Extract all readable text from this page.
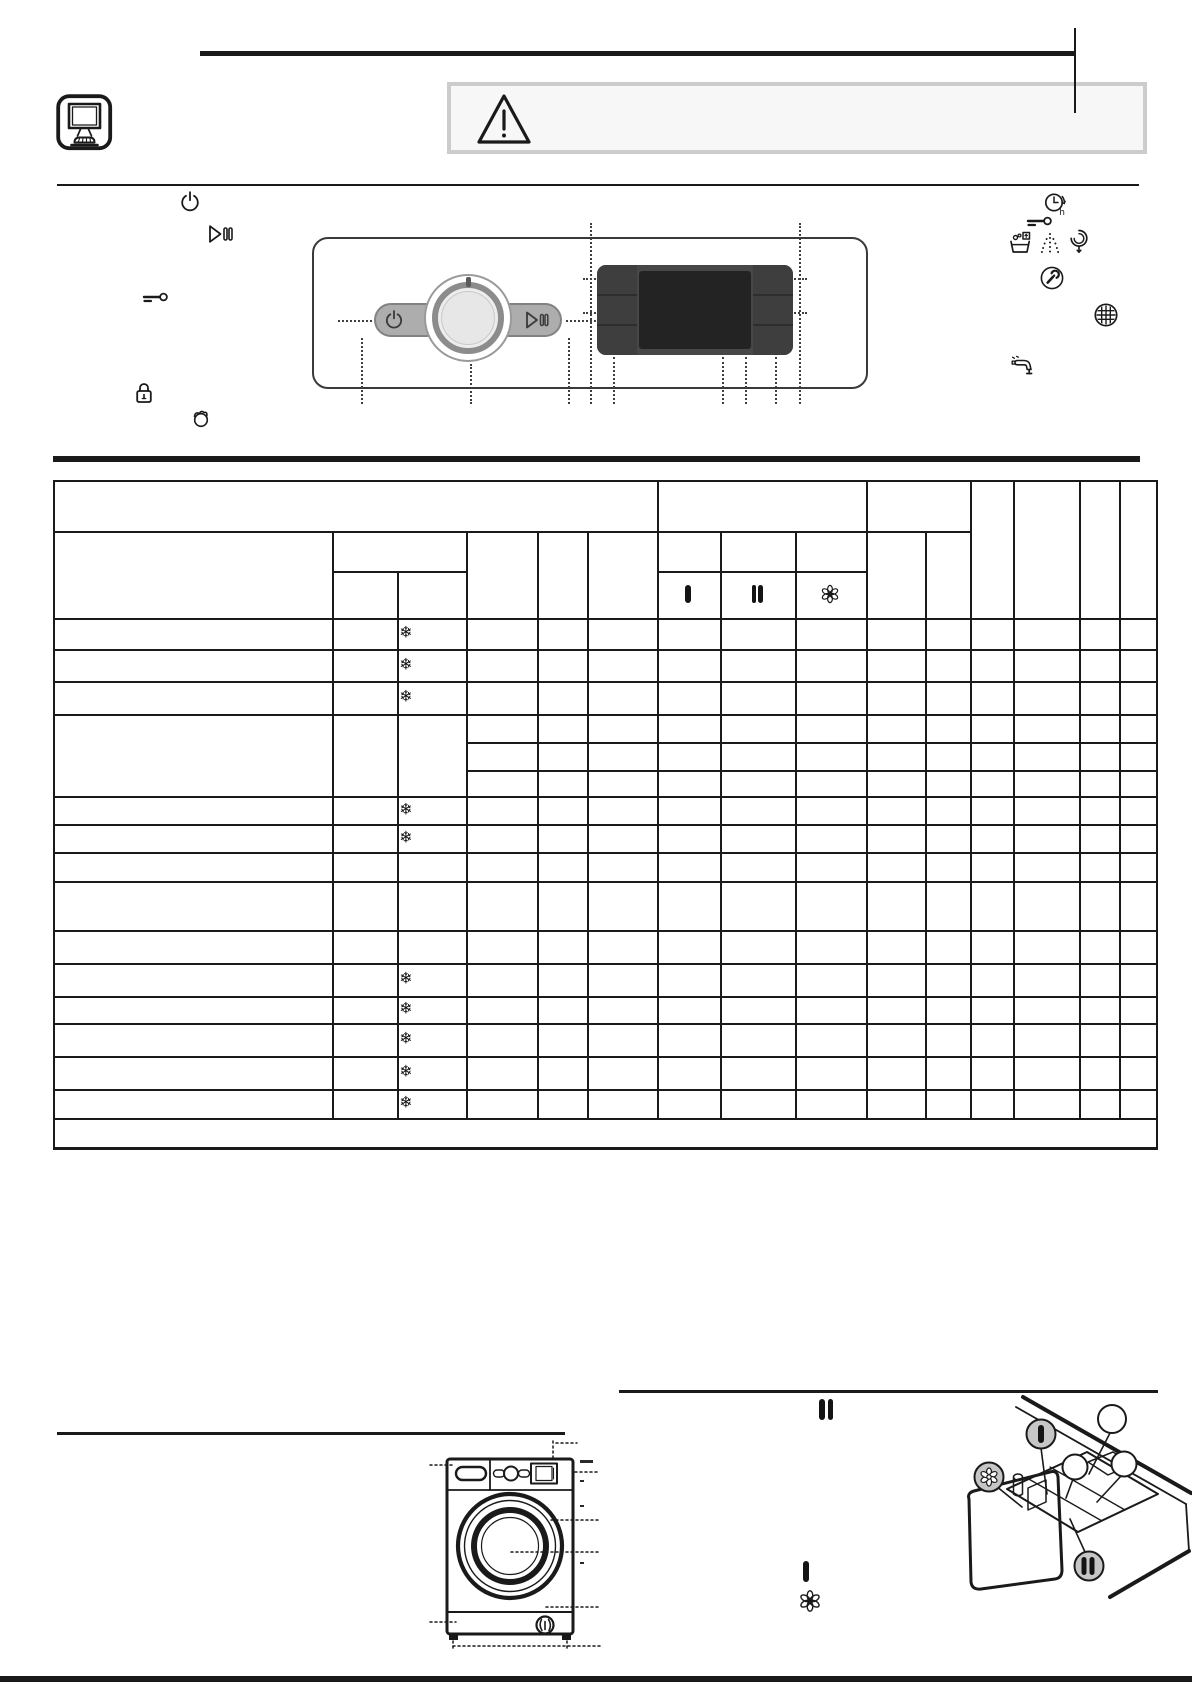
h
❄
❄
❄
❄
❄
❄
❄
❄
❄
❄
